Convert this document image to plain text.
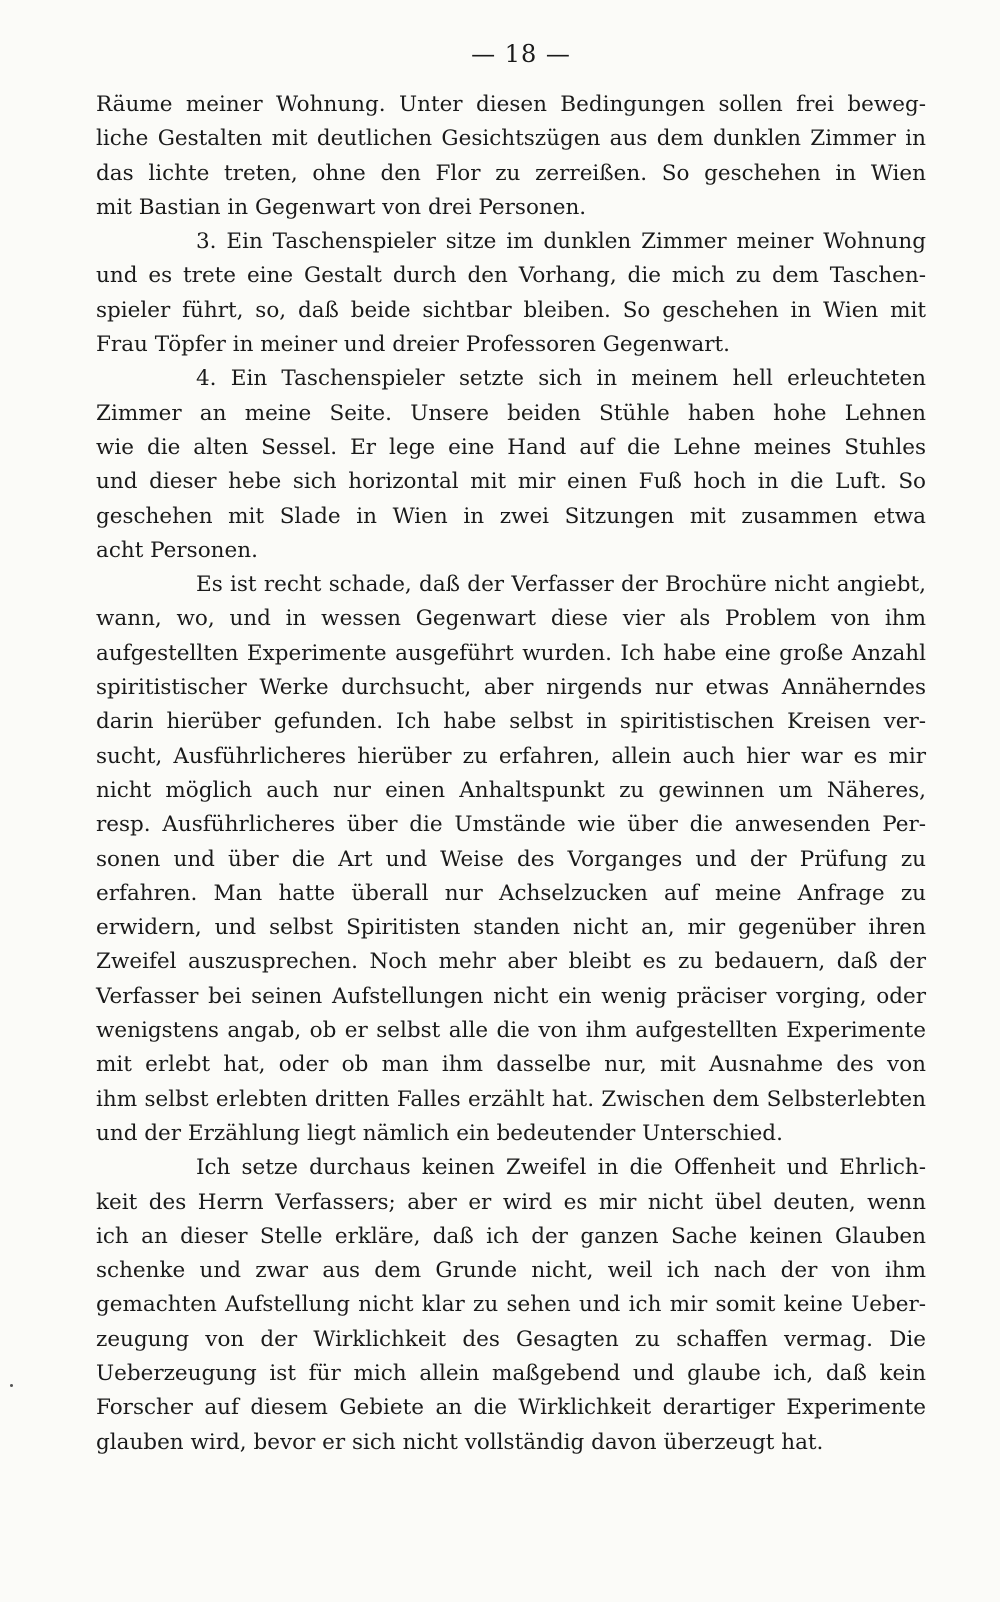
— 18 —
Räume meiner Wohnung. Unter diesen Bedingungen sollen frei beweg-
liche Gestalten mit deutlichen Gesichtszügen aus dem dunklen Zimmer in
das lichte treten, ohne den Flor zu zerreißen. So geschehen in Wien
mit Bastian in Gegenwart von drei Personen.
3. Ein Taschenspieler sitze im dunklen Zimmer meiner Wohnung
und es trete eine Gestalt durch den Vorhang, die mich zu dem Taschen-
spieler führt, so, daß beide sichtbar bleiben. So geschehen in Wien mit
Frau Töpfer in meiner und dreier Professoren Gegenwart.
4. Ein Taschenspieler setzte sich in meinem hell erleuchteten
Zimmer an meine Seite. Unsere beiden Stühle haben hohe Lehnen
wie die alten Sessel. Er lege eine Hand auf die Lehne meines Stuhles
und dieser hebe sich horizontal mit mir einen Fuß hoch in die Luft. So
geschehen mit Slade in Wien in zwei Sitzungen mit zusammen etwa
acht Personen.
Es ist recht schade, daß der Verfasser der Brochüre nicht angiebt,
wann, wo, und in wessen Gegenwart diese vier als Problem von ihm
aufgestellten Experimente ausgeführt wurden. Ich habe eine große Anzahl
spiritistischer Werke durchsucht, aber nirgends nur etwas Annäherndes
darin hierüber gefunden. Ich habe selbst in spiritistischen Kreisen ver-
sucht, Ausführlicheres hierüber zu erfahren, allein auch hier war es mir
nicht möglich auch nur einen Anhaltspunkt zu gewinnen um Näheres,
resp. Ausführlicheres über die Umstände wie über die anwesenden Per-
sonen und über die Art und Weise des Vorganges und der Prüfung zu
erfahren. Man hatte überall nur Achselzucken auf meine Anfrage zu
erwidern, und selbst Spiritisten standen nicht an, mir gegenüber ihren
Zweifel auszusprechen. Noch mehr aber bleibt es zu bedauern, daß der
Verfasser bei seinen Aufstellungen nicht ein wenig präciser vorging, oder
wenigstens angab, ob er selbst alle die von ihm aufgestellten Experimente
mit erlebt hat, oder ob man ihm dasselbe nur, mit Ausnahme des von
ihm selbst erlebten dritten Falles erzählt hat. Zwischen dem Selbsterlebten
und der Erzählung liegt nämlich ein bedeutender Unterschied.
Ich setze durchaus keinen Zweifel in die Offenheit und Ehrlich-
keit des Herrn Verfassers; aber er wird es mir nicht übel deuten, wenn
ich an dieser Stelle erkläre, daß ich der ganzen Sache keinen Glauben
schenke und zwar aus dem Grunde nicht, weil ich nach der von ihm
gemachten Aufstellung nicht klar zu sehen und ich mir somit keine Ueber-
zeugung von der Wirklichkeit des Gesagten zu schaffen vermag. Die
Ueberzeugung ist für mich allein maßgebend und glaube ich, daß kein
Forscher auf diesem Gebiete an die Wirklichkeit derartiger Experimente
glauben wird, bevor er sich nicht vollständig davon überzeugt hat.
